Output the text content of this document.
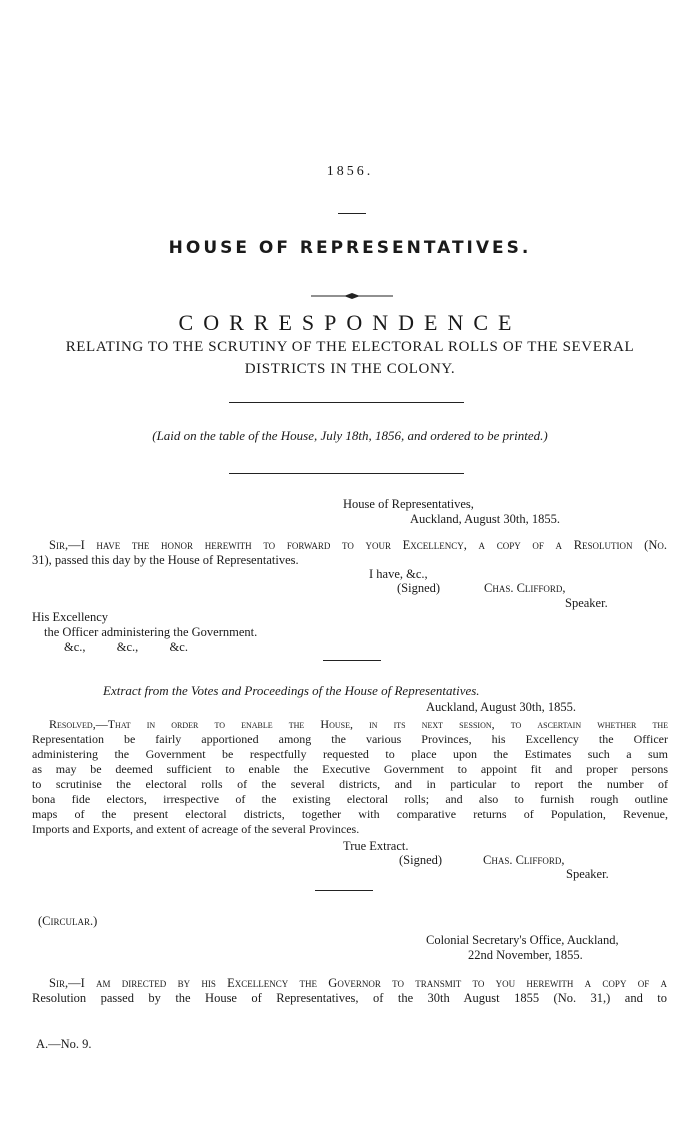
1856.
HOUSE OF REPRESENTATIVES.
CORRESPONDENCE
RELATING TO THE SCRUTINY OF THE ELECTORAL ROLLS OF THE SEVERAL
DISTRICTS IN THE COLONY.
(Laid on the table of the House, July 18th, 1856, and ordered to be printed.)
House of Representatives,
Auckland, August 30th, 1855.
Sir,—I have the honor herewith to forward to your Excellency, a copy of a Resolution (No.
31), passed this day by the House of Representatives.
I have, &c.,
(Signed)	Chas. Clifford,
Speaker.
His Excellency
the Officer administering the Government.
&c.,          &c.,          &c.
Extract from the Votes and Proceedings of the House of Representatives.
Auckland, August 30th, 1855.
Resolved,—That in order to enable the House, in its next session, to ascertain whether the
Representation be fairly apportioned among the various Provinces, his Excellency the Officer
administering the Government be respectfully requested to place upon the Estimates such a sum
as may be deemed sufficient to enable the Executive Government to appoint fit and proper persons
to scrutinise the electoral rolls of the several districts, and in particular to report the number of
bona fide electors, irrespective of the existing electoral rolls; and also to furnish rough outline
maps of the present electoral districts, together with comparative returns of Population, Revenue,
Imports and Exports, and extent of acreage of the several Provinces.
True Extract.
(Signed)	Chas. Clifford,
Speaker.
(Circular.)
Colonial Secretary's Office, Auckland,
22nd November, 1855.
Sir,—I am directed by his Excellency the Governor to transmit to you herewith a copy of a
Resolution passed by the House of Representatives, of the 30th August 1855 (No. 31,) and to
A.—No. 9.
